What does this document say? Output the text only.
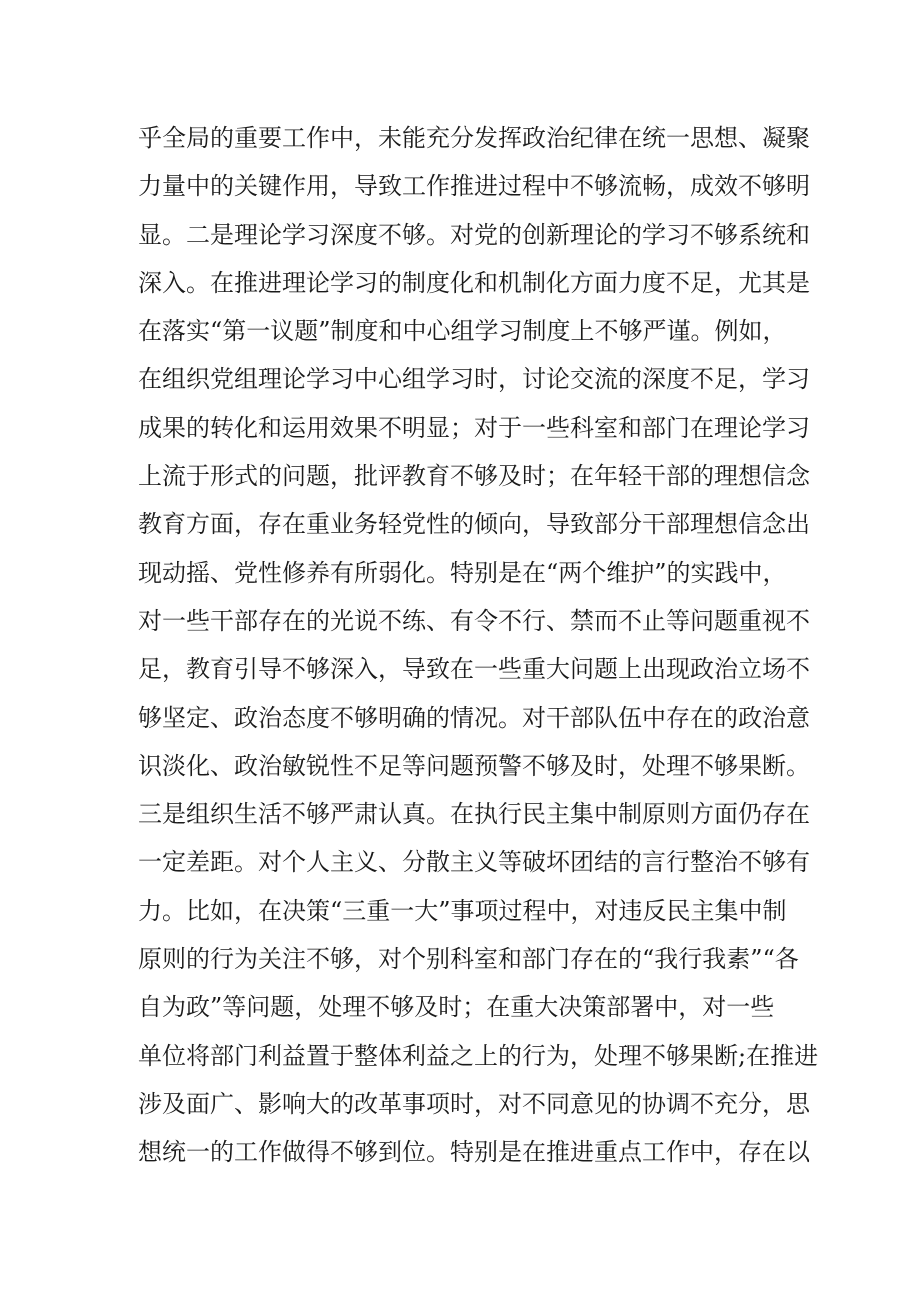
乎全局的重要工作中，未能充分发挥政治纪律在统一思想、凝聚
力量中的关键作用，导致工作推进过程中不够流畅，成效不够明
显。二是理论学习深度不够。对党的创新理论的学习不够系统和
深入。在推进理论学习的制度化和机制化方面力度不足，尤其是
在落实“第一议题”制度和中心组学习制度上不够严谨。例如，
在组织党组理论学习中心组学习时，讨论交流的深度不足，学习
成果的转化和运用效果不明显；对于一些科室和部门在理论学习
上流于形式的问题，批评教育不够及时；在年轻干部的理想信念
教育方面，存在重业务轻党性的倾向，导致部分干部理想信念出
现动摇、党性修养有所弱化。特别是在“两个维护”的实践中，
对一些干部存在的光说不练、有令不行、禁而不止等问题重视不
足，教育引导不够深入，导致在一些重大问题上出现政治立场不
够坚定、政治态度不够明确的情况。对干部队伍中存在的政治意
识淡化、政治敏锐性不足等问题预警不够及时，处理不够果断。
三是组织生活不够严肃认真。在执行民主集中制原则方面仍存在
一定差距。对个人主义、分散主义等破坏团结的言行整治不够有
力。比如，在决策“三重一大”事项过程中，对违反民主集中制
原则的行为关注不够，对个别科室和部门存在的“我行我素”“各
自为政”等问题，处理不够及时；在重大决策部署中，对一些
单位将部门利益置于整体利益之上的行为，处理不够果断;在推进
涉及面广、影响大的改革事项时，对不同意见的协调不充分，思
想统一的工作做得不够到位。特别是在推进重点工作中，存在以
